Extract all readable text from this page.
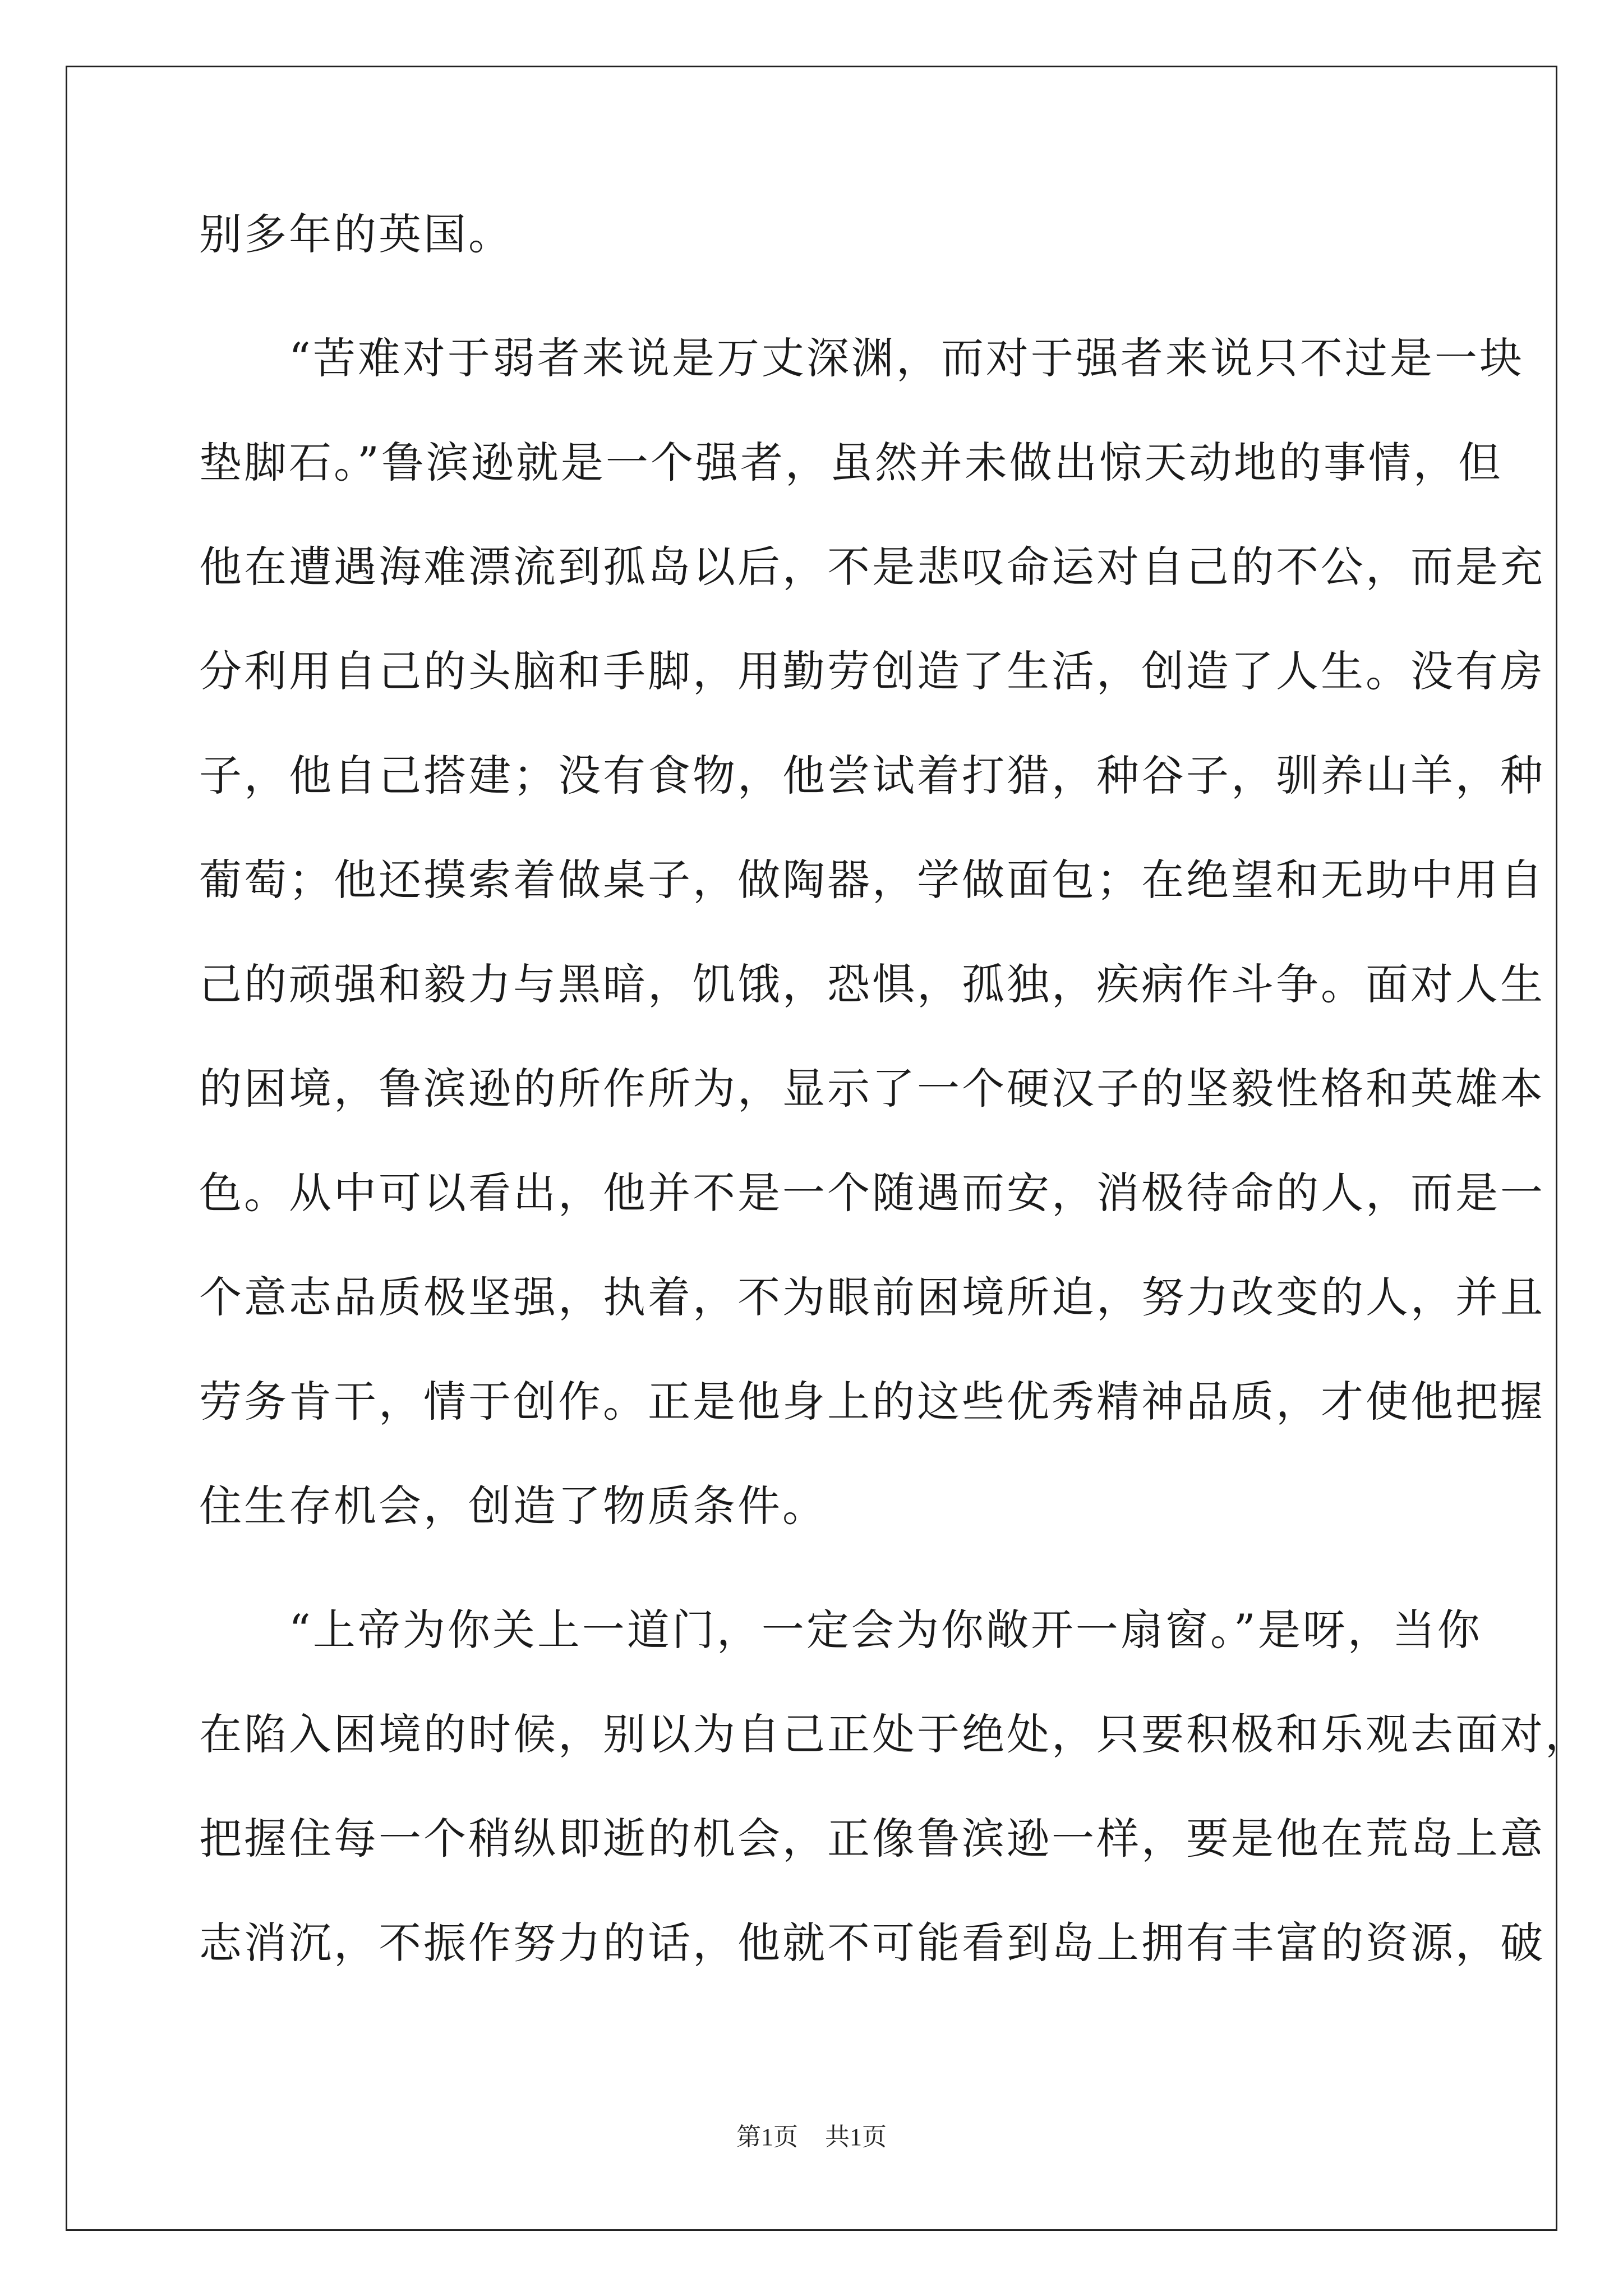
别多年的英国。
　　“苦难对于弱者来说是万丈深渊，而对于强者来说只不过是一块
垫脚石。”鲁滨逊就是一个强者，虽然并未做出惊天动地的事情，但
他在遭遇海难漂流到孤岛以后，不是悲叹命运对自己的不公，而是充
分利用自己的头脑和手脚，用勤劳创造了生活，创造了人生。没有房
子，他自己搭建；没有食物，他尝试着打猎，种谷子，驯养山羊，种
葡萄；他还摸索着做桌子，做陶器，学做面包；在绝望和无助中用自
己的顽强和毅力与黑暗，饥饿，恐惧，孤独，疾病作斗争。面对人生
的困境，鲁滨逊的所作所为，显示了一个硬汉子的坚毅性格和英雄本
色。从中可以看出，他并不是一个随遇而安，消极待命的人，而是一
个意志品质极坚强，执着，不为眼前困境所迫，努力改变的人，并且
劳务肯干，情于创作。正是他身上的这些优秀精神品质，才使他把握
住生存机会，创造了物质条件。
　　“上帝为你关上一道门，一定会为你敞开一扇窗。”是呀，当你
在陷入困境的时候，别以为自己正处于绝处，只要积极和乐观去面对，
把握住每一个稍纵即逝的机会，正像鲁滨逊一样，要是他在荒岛上意
志消沉，不振作努力的话，他就不可能看到岛上拥有丰富的资源，破
第1页 共1页
